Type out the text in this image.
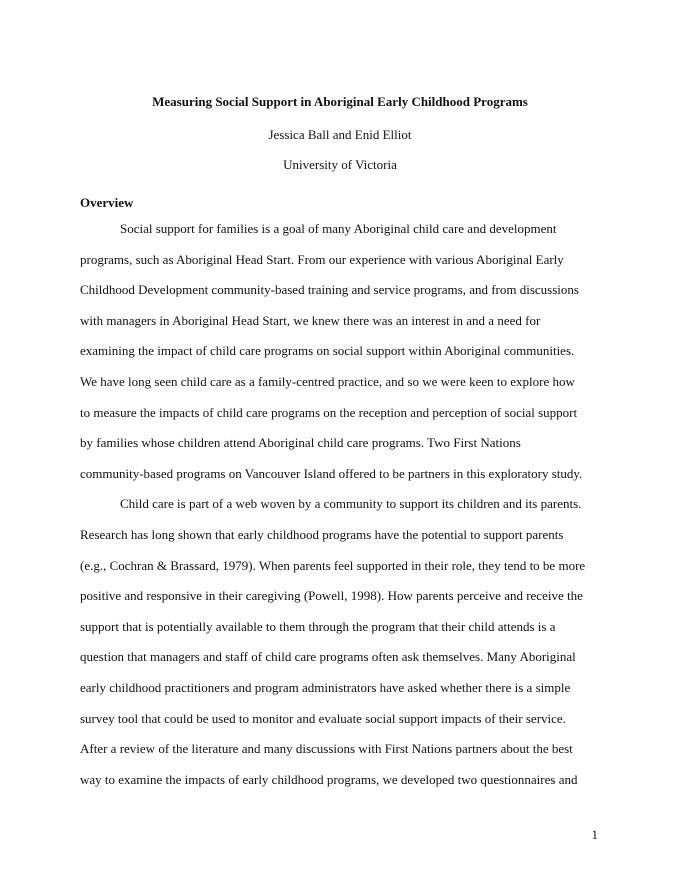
Measuring Social Support in Aboriginal Early Childhood Programs
Jessica Ball and Enid Elliot
University of Victoria
Overview
Social support for families is a goal of many Aboriginal child care and development
programs, such as Aboriginal Head Start. From our experience with various Aboriginal Early
Childhood Development community-based training and service programs, and from discussions
with managers in Aboriginal Head Start, we knew there was an interest in and a need for
examining the impact of child care programs on social support within Aboriginal communities.
We have long seen child care as a family-centred practice, and so we were keen to explore how
to measure the impacts of child care programs on the reception and perception of social support
by families whose children attend Aboriginal child care programs. Two First Nations
community-based programs on Vancouver Island offered to be partners in this exploratory study.
Child care is part of a web woven by a community to support its children and its parents.
Research has long shown that early childhood programs have the potential to support parents
(e.g., Cochran & Brassard, 1979). When parents feel supported in their role, they tend to be more
positive and responsive in their caregiving (Powell, 1998). How parents perceive and receive the
support that is potentially available to them through the program that their child attends is a
question that managers and staff of child care programs often ask themselves. Many Aboriginal
early childhood practitioners and program administrators have asked whether there is a simple
survey tool that could be used to monitor and evaluate social support impacts of their service.
After a review of the literature and many discussions with First Nations partners about the best
way to examine the impacts of early childhood programs, we developed two questionnaires and
1
